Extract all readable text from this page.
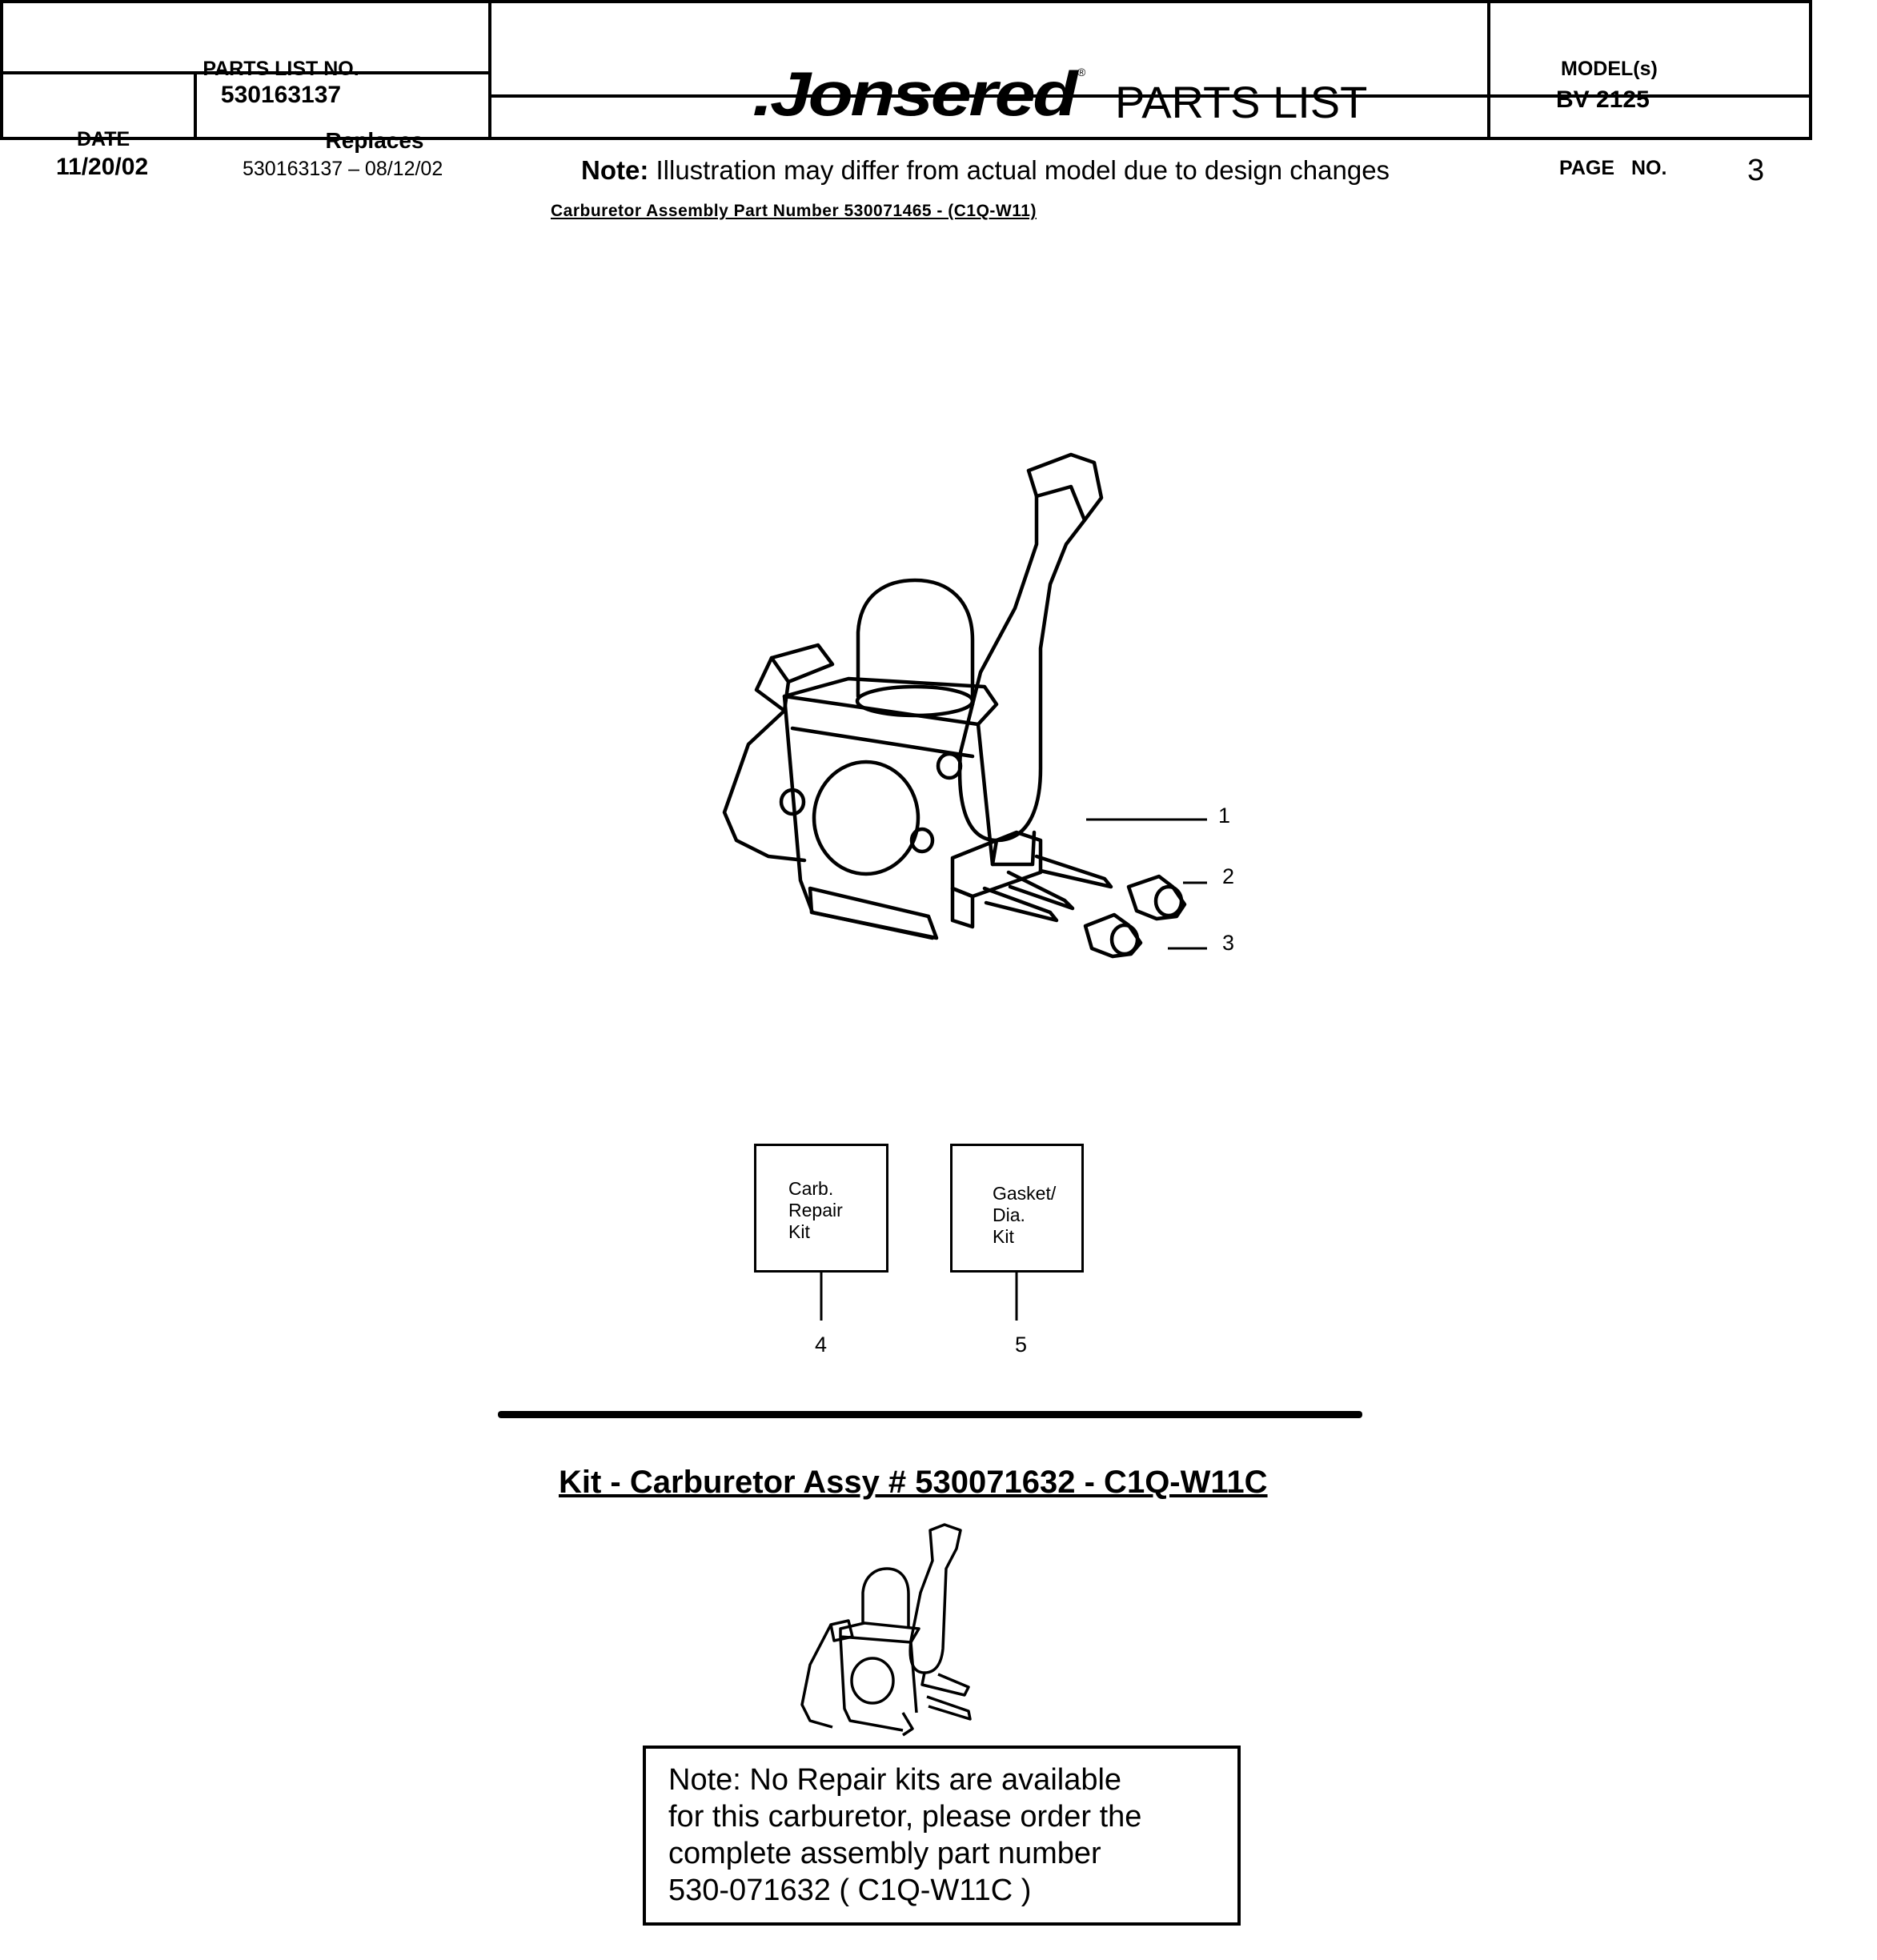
PARTS LIST NO.
530163137
DATE
11/20/02
Replaces
530163137 – 08/12/02
.Jonsered ®
PARTS LIST
Note: Illustration may differ from actual model due to design changes
MODEL(s)
BV 2125
PAGE NO.	3
Carburetor Assembly Part Number 530071465 - (C1Q-W11)
1
2
3
4	5
Carb.
Repair
Kit
Gasket/
Dia.
Kit
Kit - Carburetor Assy # 530071632 - C1Q-W11C
Note: No Repair kits are available
for this carburetor, please order the
complete assembly part number
530-071632 ( C1Q-W11C )
